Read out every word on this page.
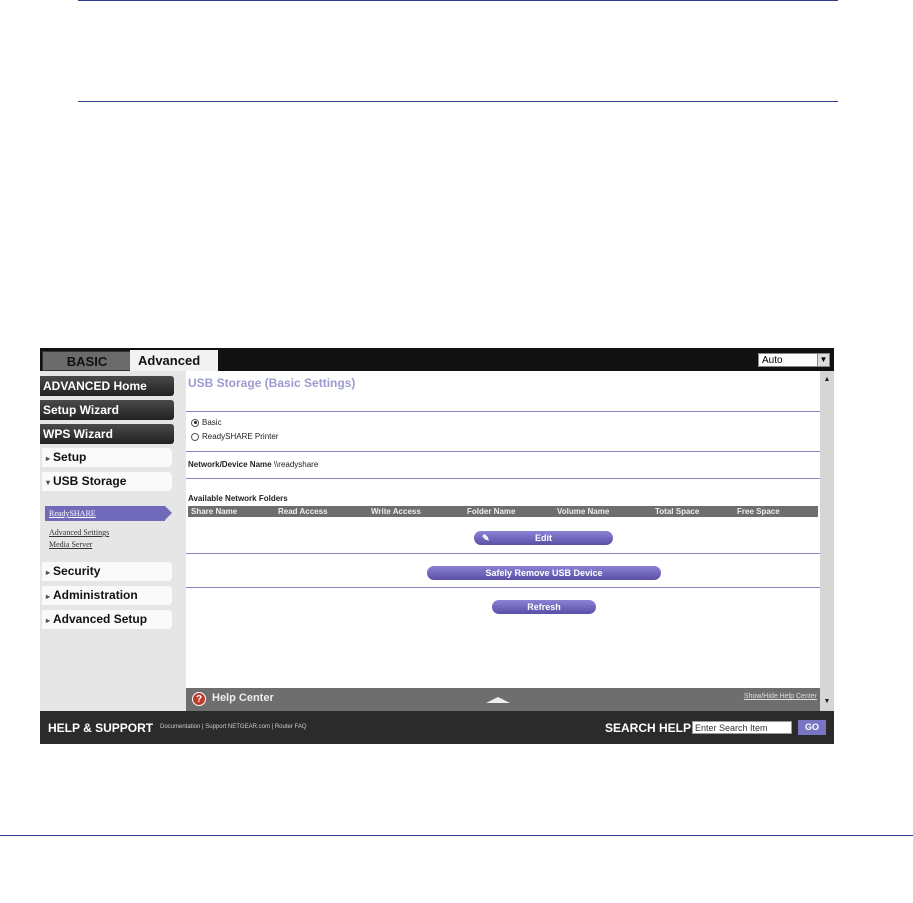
BASIC	Advanced	Auto	▼
ADVANCED Home
Setup Wizard
WPS Wizard
▸ Setup
▾ USB Storage
ReadySHARE
Advanced Settings
Media Server
▸ Security
▸ Administration
▸ Advanced Setup
USB Storage (Basic Settings)
Basic
ReadySHARE Printer
Network/Device Name \\readyshare
Available Network Folders
Share Name	Read Access	Write Access	Folder Name	Volume Name	Total Space	Free Space
✎	Edit
Safely Remove USB Device
Refresh
▲
▼
? Help Center	Show/Hide Help Center
HELP & SUPPORT Documentation | Support NETGEAR.com | Router FAQ	SEARCH HELP Enter Search Item	GO
